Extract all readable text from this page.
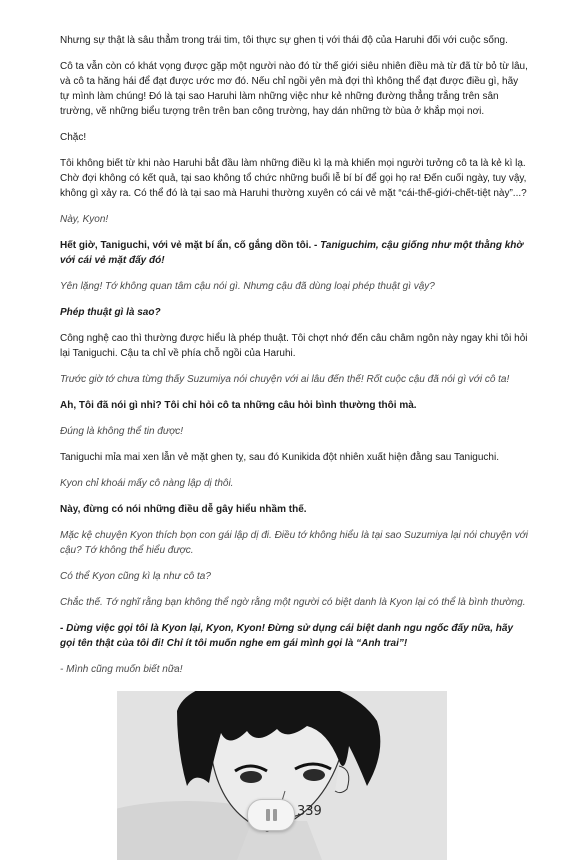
Nhưng sự thật là sâu thẳm trong trái tim, tôi thực sự ghen tị với thái độ của Haruhi đối với cuộc sống.

Cô ta vẫn còn có khát vọng được gặp một người nào đó từ thế giới siêu nhiên điều mà từ đã từ bỏ từ lâu, và cô ta hăng hái để đạt được ước mơ đó. Nếu chỉ ngồi yên mà đợi thì không thể đạt được điều gì, hãy tự mình làm chúng! Đó là tại sao Haruhi làm những việc như kẻ những đường thẳng trắng trên sân trường, vẽ những biểu tượng trên trên ban công trường, hay dán những tờ bùa ở khắp mọi nơi.

Chặc!

Tôi không biết từ khi nào Haruhi bắt đầu làm những điều kì lạ mà khiến mọi người tưởng cô ta là kẻ kì lạ. Chờ đợi không có kết quả, tại sao không tổ chức những buổi lễ bí bí để gọi họ ra! Đến cuối ngày, tuy vậy, không gì xảy ra. Có thể đó là tại sao mà Haruhi thường xuyên có cái vẻ mặt “cái-thế-giới-chết-tiệt này”...?

Này, Kyon!

Hết giờ, Taniguchi, với vẻ mặt bí ẩn, cố gắng dồn tôi. - Taniguchim, cậu giống như một thằng khờ với cái vẻ mặt đấy đó!

Yên lặng! Tớ không quan tâm cậu nói gì. Nhưng cậu đã dùng loại phép thuật gì vậy?

Phép thuật gì là sao?

Công nghệ cao thì thường được hiểu là phép thuật. Tôi chợt nhớ đến câu châm ngôn này ngay khi tôi hỏi lại Taniguchi. Cậu ta chỉ về phía chỗ ngồi của Haruhi.

Trước giờ tớ chưa từng thấy Suzumiya nói chuyện với ai lâu đến thế! Rốt cuộc cậu đã nói gì với cô ta!

Ah, Tôi đã nói gì nhỉ? Tôi chỉ hỏi cô ta những câu hỏi bình thường thôi mà.

Đúng là không thể tin được!

Taniguchi mỉa mai xen lẫn vẻ mặt ghen tỵ, sau đó Kunikida đột nhiên xuất hiện đằng sau Taniguchi.

Kyon chỉ khoái mấy cô nàng lập dị thôi.

Này, đừng có nói những điều dễ gây hiểu nhầm thế.

Mặc kệ chuyện Kyon thích bọn con gái lập dị đi. Điều tớ không hiểu là tại sao Suzumiya lại nói chuyện với cậu? Tớ không thể hiểu được.

Có thể Kyon cũng kì lạ như cô ta?

Chắc thế. Tớ nghĩ rằng bạn không thể ngờ rằng một người có biệt danh là Kyon lại có thể là bình thường.

- Dừng việc gọi tôi là Kyon lại, Kyon, Kyon! Đừng sử dụng cái biệt danh ngu ngốc đấy nữa, hãy gọi tên thật của tôi đi! Chỉ ít tôi muốn nghe em gái mình gọi là “Anh trai”!

- Mình cũng muốn biết nữa!

339
